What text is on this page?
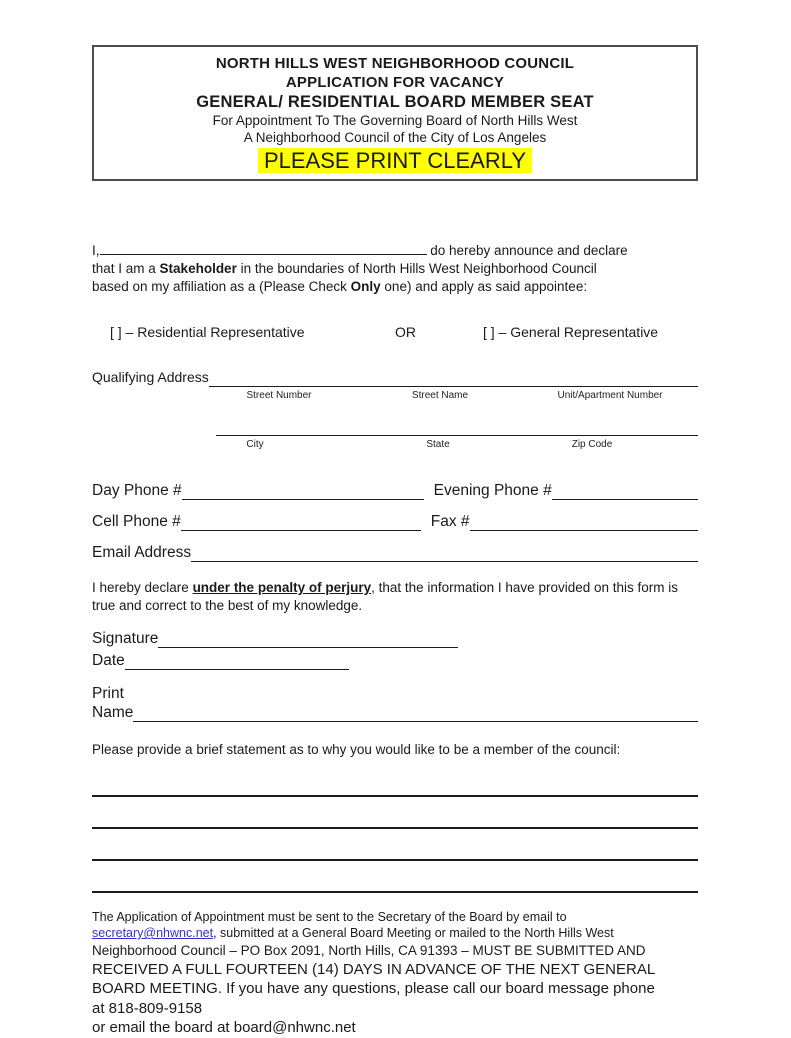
NORTH HILLS WEST NEIGHBORHOOD COUNCIL
APPLICATION FOR VACANCY
GENERAL/ RESIDENTIAL BOARD MEMBER SEAT
For Appointment To The Governing Board of North Hills West
A Neighborhood Council of the City of Los Angeles
PLEASE PRINT CLEARLY

I,	do hereby announce and declare
that I am a Stakeholder in the boundaries of North Hills West Neighborhood Council
based on my affiliation as a (Please Check Only one) and apply as said appointee:

[ ] – Residential Representative	OR	[ ] – General Representative
Qualifying Address
Street Number	Street Name	Unit/Apartment Number
City	State	Zip Code
Day Phone #	Evening Phone #
Cell Phone #	Fax #
Email Address

I hereby declare under the penalty of perjury, that the information I have provided on this form is true and correct to the best of my knowledge.

Signature
Date
Print
Name

Please provide a brief statement as to why you would like to be a member of the council:

The Application of Appointment must be sent to the Secretary of the Board by email to
secretary@nhwnc.net, submitted at a General Board Meeting or mailed to the North Hills West
Neighborhood Council – PO Box 2091, North Hills, CA 91393 – MUST BE SUBMITTED AND
RECEIVED A FULL FOURTEEN (14) DAYS IN ADVANCE OF THE NEXT GENERAL
BOARD MEETING. If you have any questions, please call our board message phone
at 818-809-9158
or email the board at board@nhwnc.net
